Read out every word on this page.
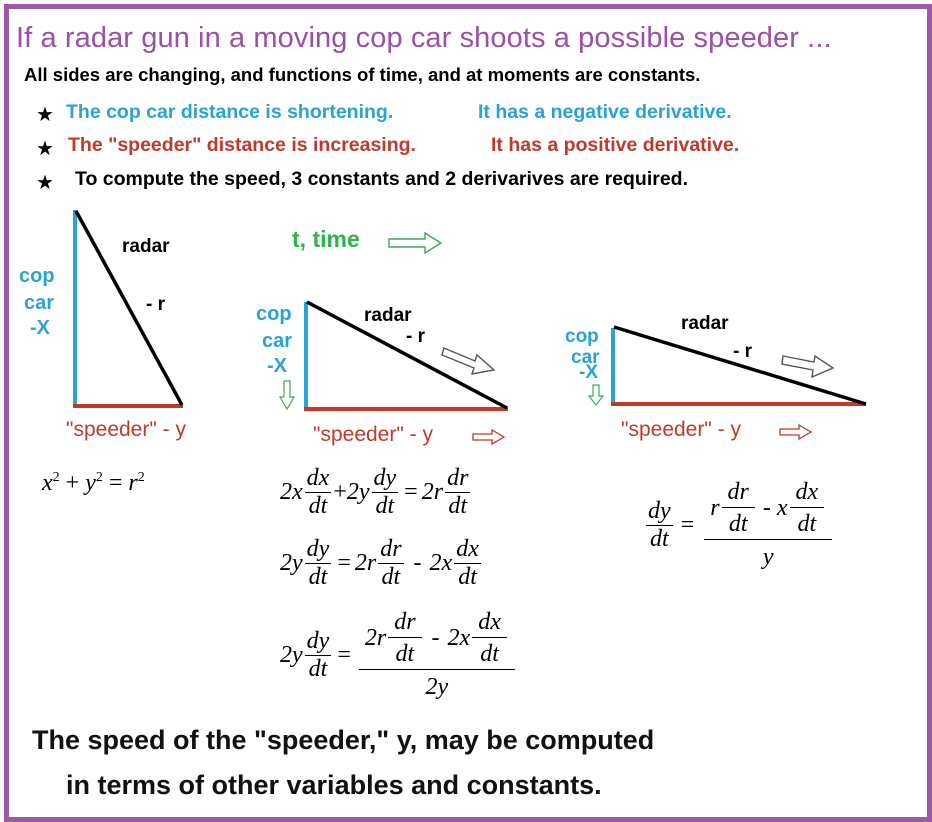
If a radar gun in a moving cop car shoots a possible speeder ...
All sides are changing, and functions of time, and at moments are constants.
★ The cop car distance is shortening.	It has a negative derivative.
★ The "speeder" distance is increasing.	It has a positive derivative.
★ To compute the speed, 3 constants and 2 derivarives are required.
t, time
cop
car
-X
radar
- r
"speeder" - y
cop
car
-X
radar
- r
"speeder" - y
cop
car
-X
radar
- r
"speeder" - y
$x^2 + y^2 = r^2$
$2x \frac{dx}{dt} + 2y \frac{dy}{dt} = 2r \frac{dr}{dt}$
$2y \frac{dy}{dt} = 2r \frac{dr}{dt} - 2x \frac{dx}{dt}$
$2y \frac{dy}{dt} = \frac{2r \frac{dr}{dt} - 2x \frac{dx}{dt}}{2y}$
$\frac{dy}{dt} = \frac{r \frac{dr}{dt} - x \frac{dx}{dt}}{y}$
The speed of the "speeder," y, may be computed
in terms of other variables and constants.
